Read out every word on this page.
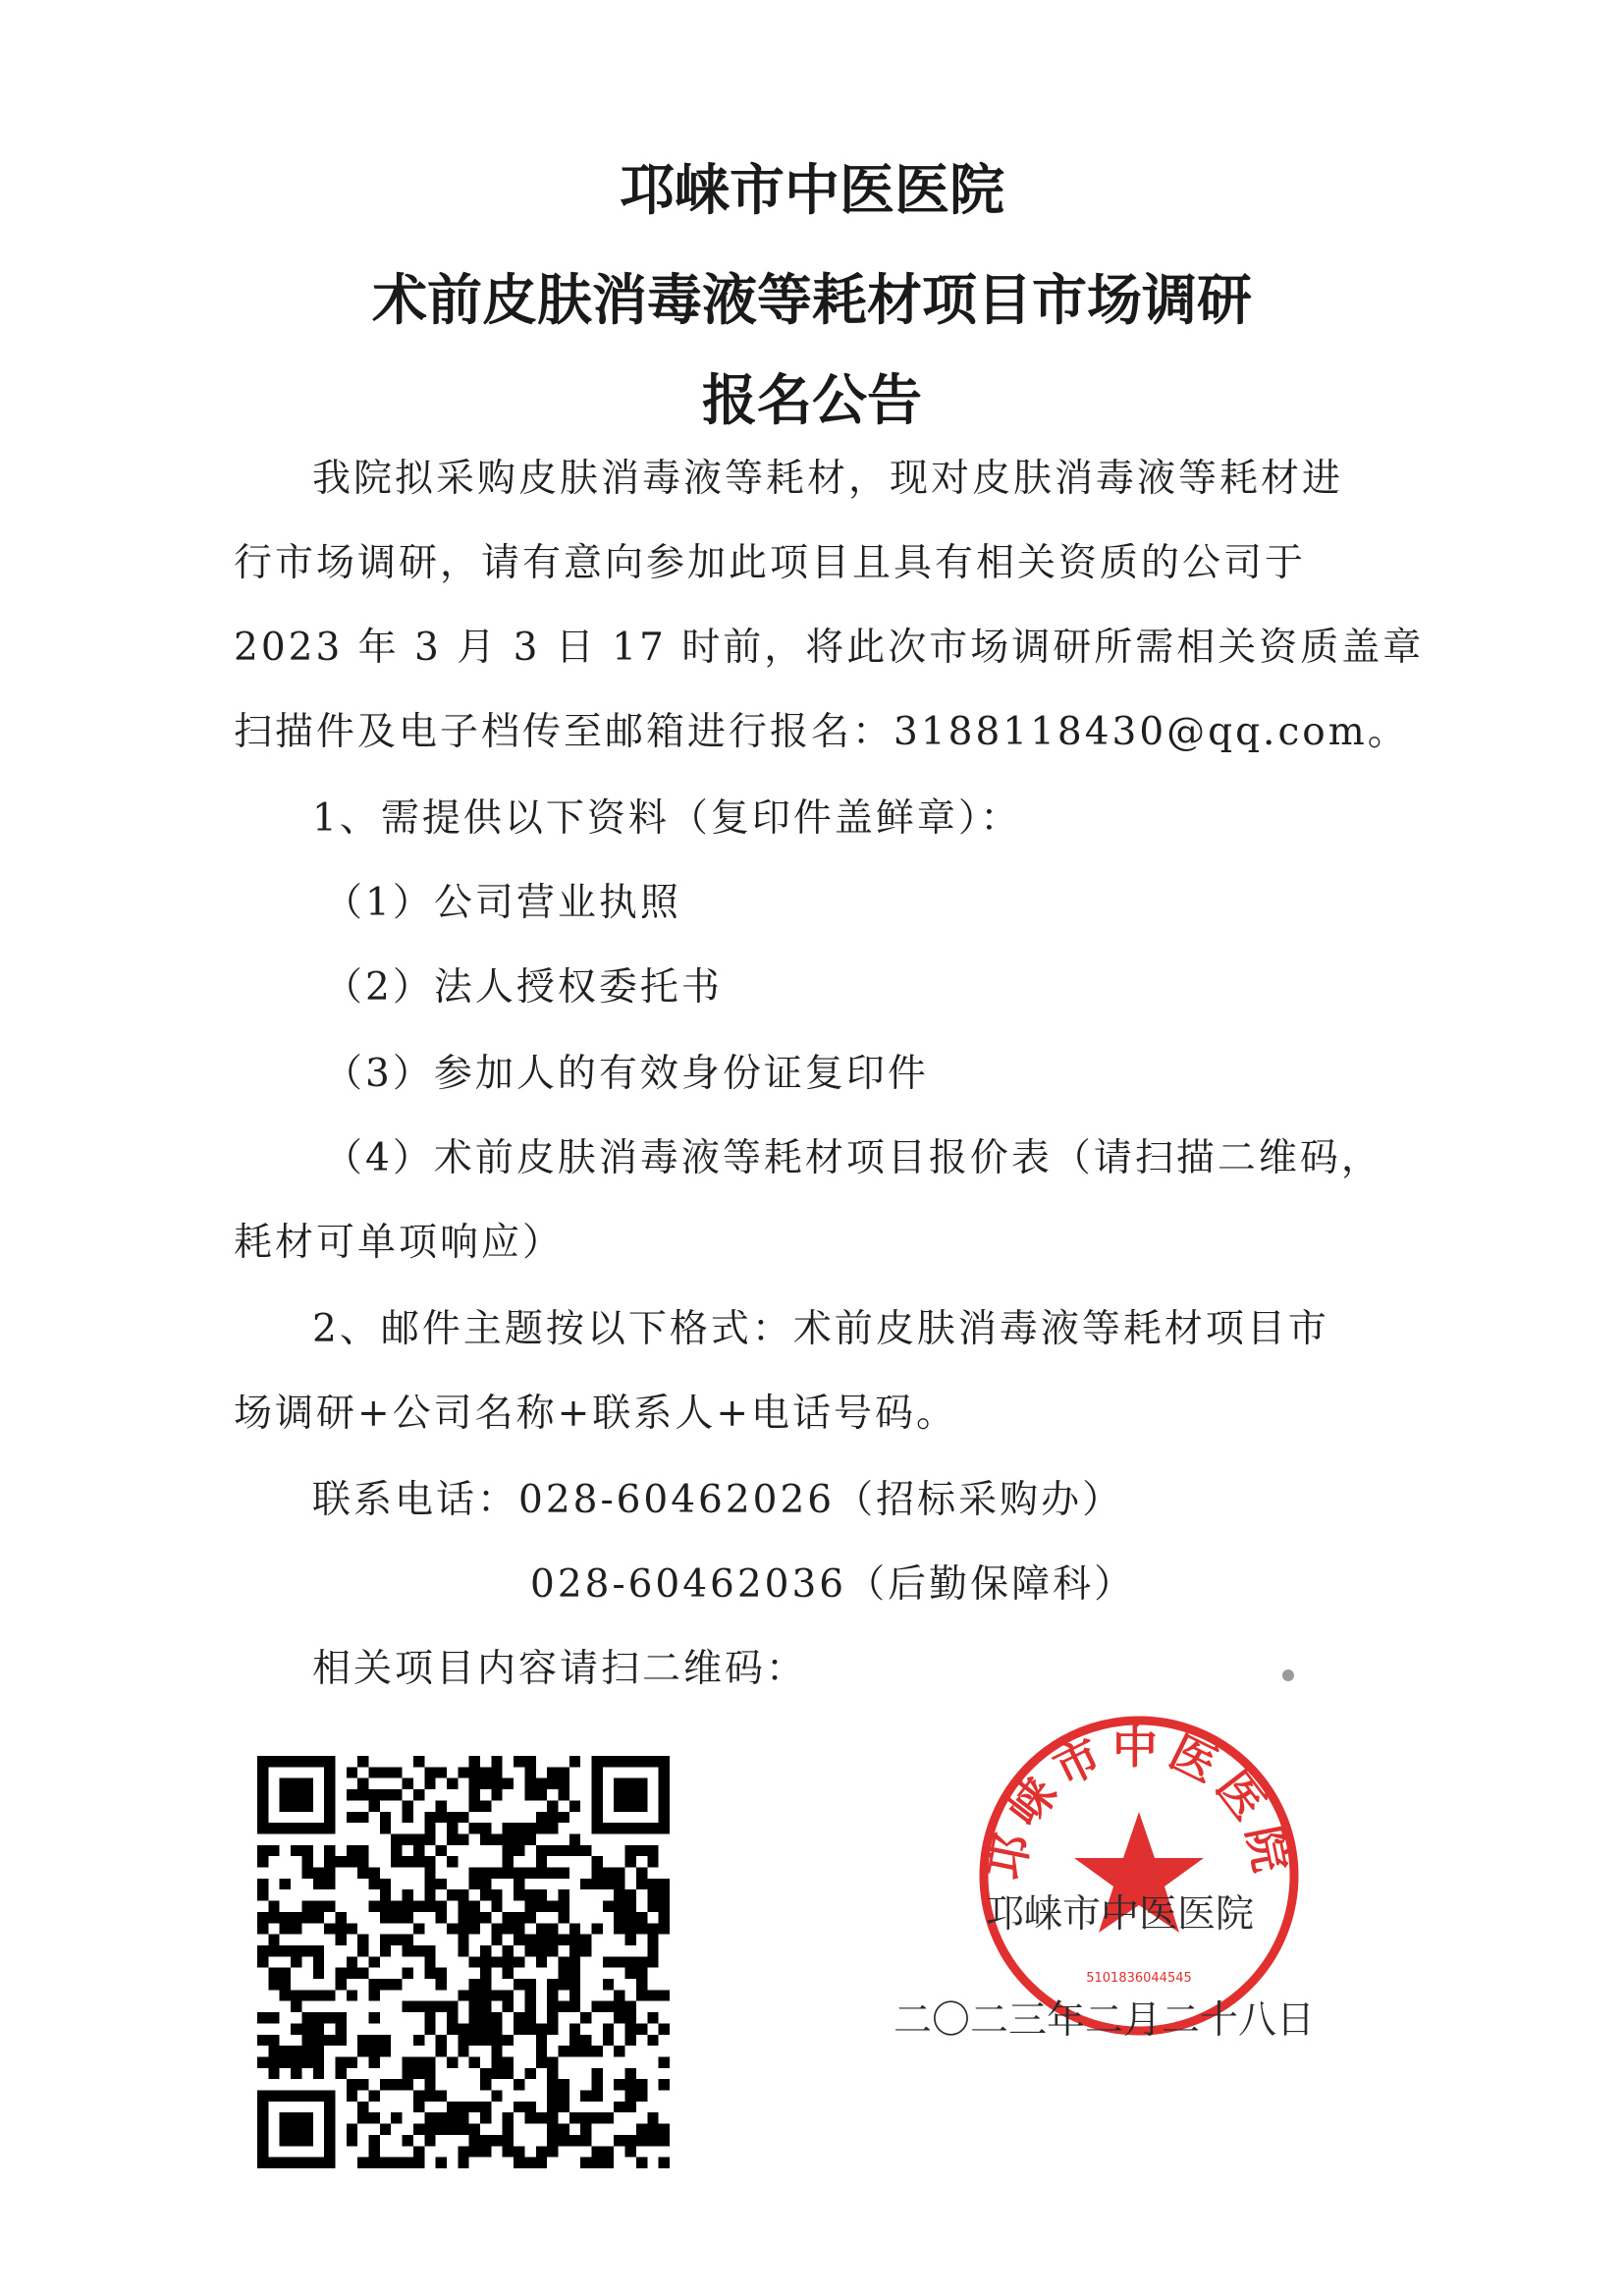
邛崃市中医医院
术前皮肤消毒液等耗材项目市场调研
报名公告
我院拟采购皮肤消毒液等耗材，现对皮肤消毒液等耗材进
行市场调研，请有意向参加此项目且具有相关资质的公司于
2023 年 3 月 3 日 17 时前，将此次市场调研所需相关资质盖章
扫描件及电子档传至邮箱进行报名：3188118430@qq.com。
1、需提供以下资料（复印件盖鲜章）：
（1）公司营业执照
（2）法人授权委托书
（3）参加人的有效身份证复印件
（4）术前皮肤消毒液等耗材项目报价表（请扫描二维码，
耗材可单项响应）
2、邮件主题按以下格式：术前皮肤消毒液等耗材项目市
场调研+公司名称+联系人+电话号码。
联系电话：028-60462026（招标采购办）
028-60462036（后勤保障科）
相关项目内容请扫二维码：
邛崃市中医医院
5101836044545
邛崃市中医医院
二〇二三年二月二十八日
